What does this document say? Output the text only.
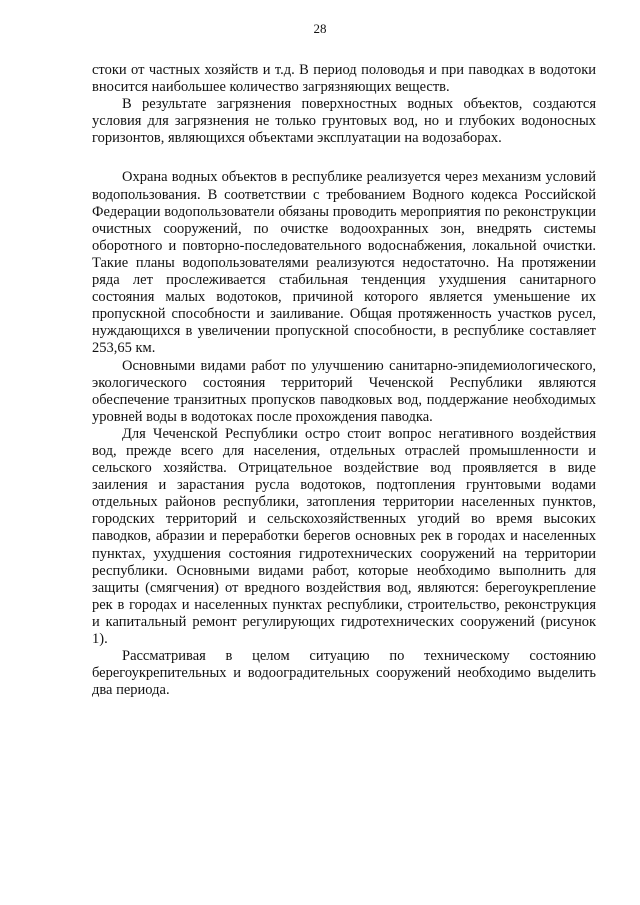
28

стоки от частных хозяйств и т.д. В период половодья и при паводках в водотоки вносится наибольшее количество загрязняющих веществ.

В результате загрязнения поверхностных водных объектов, создаются условия для загрязнения не только грунтовых вод, но и глубоких водоносных горизонтов, являющихся объектами эксплуатации на водозаборах.

Охрана водных объектов в республике реализуется через механизм условий водопользования. В соответствии с требованием Водного кодекса Российской Федерации водопользователи обязаны проводить мероприятия по реконструкции очистных сооружений, по очистке водоохранных зон, внедрять системы оборотного и повторно-последовательного водоснабжения, локальной очистки. Такие планы водопользователями реализуются недостаточно. На протяжении ряда лет прослеживается стабильная тенденция ухудшения санитарного состояния малых водотоков, причиной которого является уменьшение их пропускной способности и заиливание. Общая протяженность участков русел, нуждающихся в увеличении пропускной способности, в республике составляет 253,65 км.

Основными видами работ по улучшению санитарно-эпидемиологического, экологического состояния территорий Чеченской Республики являются обеспечение транзитных пропусков паводковых вод, поддержание необходимых уровней воды в водотоках после прохождения паводка.

Для Чеченской Республики остро стоит вопрос негативного воздействия вод, прежде всего для населения, отдельных отраслей промышленности и сельского хозяйства. Отрицательное воздействие вод проявляется в виде заиления и зарастания русла водотоков, подтопления грунтовыми водами отдельных районов республики, затопления территории населенных пунктов, городских территорий и сельскохозяйственных угодий во время высоких паводков, абразии и переработки берегов основных рек в городах и населенных пунктах, ухудшения состояния гидротехнических сооружений на территории республики. Основными видами работ, которые необходимо выполнить для защиты (смягчения) от вредного воздействия вод, являются: берегоукрепление рек в городах и населенных пунктах республики, строительство, реконструкция и капитальный ремонт регулирующих гидротехнических сооружений (рисунок 1).

Рассматривая в целом ситуацию по техническому состоянию берегоукрепительных и водооградительных сооружений необходимо выделить два периода.
